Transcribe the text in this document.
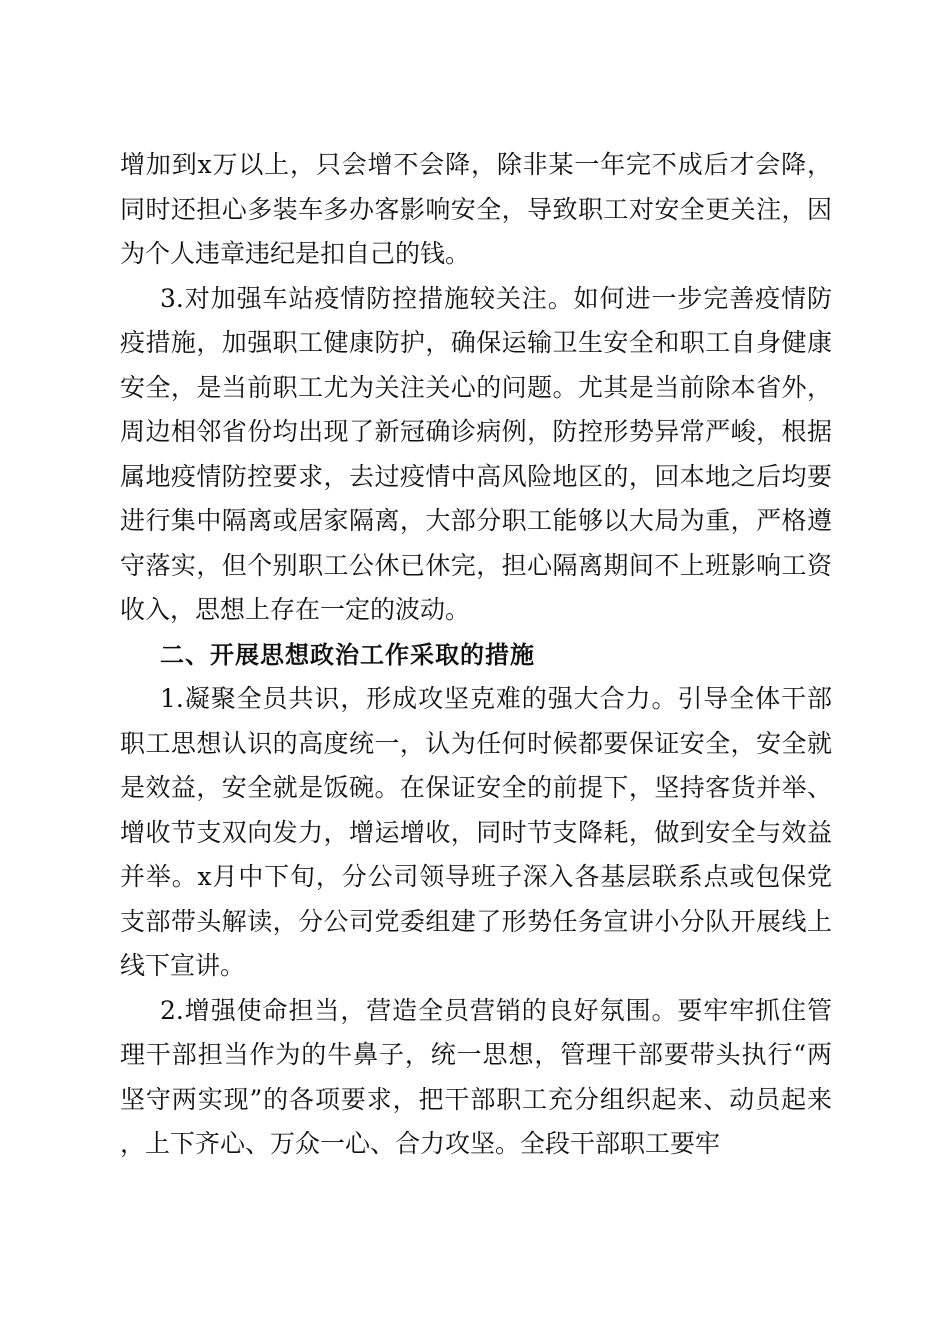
增加到x万以上，只会增不会降，除非某一年完不成后才会降，同时还担心多装车多办客影响安全，导致职工对安全更关注，因为个人违章违纪是扣自己的钱。

3.对加强车站疫情防控措施较关注。如何进一步完善疫情防疫措施，加强职工健康防护，确保运输卫生安全和职工自身健康安全，是当前职工尤为关注关心的问题。尤其是当前除本省外，周边相邻省份均出现了新冠确诊病例，防控形势异常严峻，根据属地疫情防控要求，去过疫情中高风险地区的，回本地之后均要进行集中隔离或居家隔离，大部分职工能够以大局为重，严格遵守落实，但个别职工公休已休完，担心隔离期间不上班影响工资收入，思想上存在一定的波动。

二、开展思想政治工作采取的措施

1.凝聚全员共识，形成攻坚克难的强大合力。引导全体干部职工思想认识的高度统一，认为任何时候都要保证安全，安全就是效益，安全就是饭碗。在保证安全的前提下，坚持客货并举、增收节支双向发力，增运增收，同时节支降耗，做到安全与效益并举。x月中下旬，分公司领导班子深入各基层联系点或包保党支部带头解读，分公司党委组建了形势任务宣讲小分队开展线上线下宣讲。

2.增强使命担当，营造全员营销的良好氛围。要牢牢抓住管理干部担当作为的牛鼻子，统一思想，管理干部要带头执行“两坚守两实现”的各项要求，把干部职工充分组织起来、动员起来，上下齐心、万众一心、合力攻坚。全段干部职工要牢
